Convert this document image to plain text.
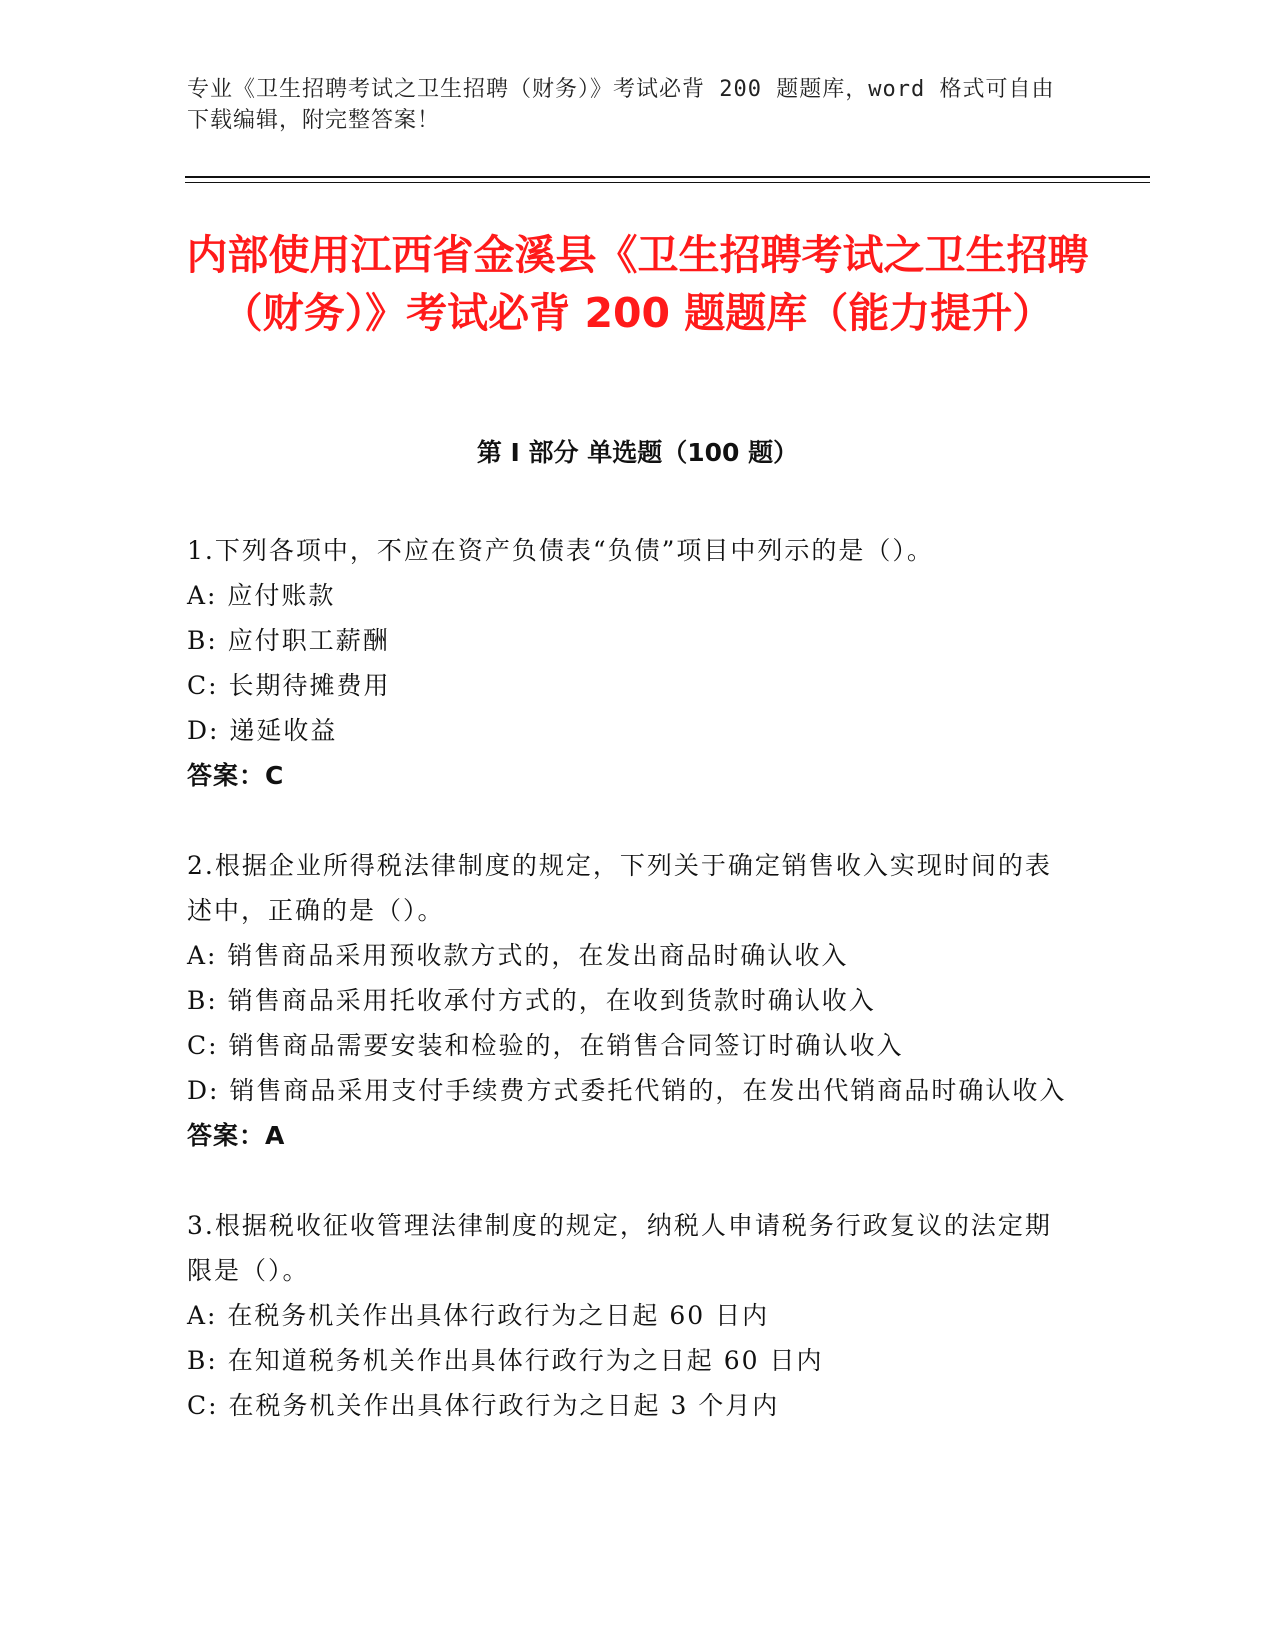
专业《卫生招聘考试之卫生招聘（财务）》考试必背 200 题题库，word 格式可自由下载编辑，附完整答案！
内部使用江西省金溪县《卫生招聘考试之卫生招聘（财务）》考试必背 200 题题库（能力提升）
第 I 部分 单选题（100 题）

1.下列各项中，不应在资产负债表“负债”项目中列示的是（）。

A: 应付账款

B: 应付职工薪酬

C: 长期待摊费用

D: 递延收益

答案：C

2.根据企业所得税法律制度的规定，下列关于确定销售收入实现时间的表述中，正确的是（）。

A: 销售商品采用预收款方式的，在发出商品时确认收入

B: 销售商品采用托收承付方式的，在收到货款时确认收入

C: 销售商品需要安装和检验的，在销售合同签订时确认收入

D: 销售商品采用支付手续费方式委托代销的，在发出代销商品时确认收入

答案：A

3.根据税收征收管理法律制度的规定，纳税人申请税务行政复议的法定期限是（）。

A: 在税务机关作出具体行政行为之日起 60 日内

B: 在知道税务机关作出具体行政行为之日起 60 日内

C: 在税务机关作出具体行政行为之日起 3 个月内
